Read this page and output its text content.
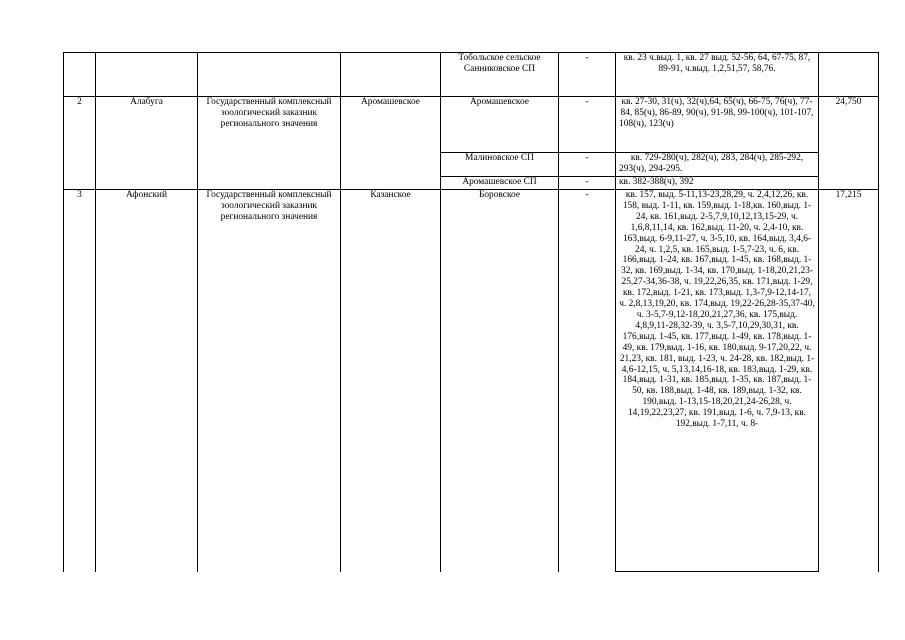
				Тобольское сельское Санниковское СП	-	кв. 23 ч.выд. 1, кв. 27 выд. 52-56, 64, 67-75, 87, 89-91, ч.выд. 1,2,51,57, 58,76.	
2	Алабуга	Государственный комплексный зоологический заказник регионального значения	Аромашевское	Аромашевское	-	кв. 27-30, 31(ч), 32(ч),64, 65(ч), 66-75, 76(ч), 77-84, 85(ч), 86-89, 90(ч), 91-98, 99-100(ч), 101-107, 108(ч), 123(ч)	24,750
				Малиновское СП	-	кв. 729-280(ч), 282(ч), 283, 284(ч), 285-292, 293(ч), 294-295.	
				Аромашевское СП	-	кв. 382-388(ч), 392	
3	Афонский	Государственный комплексный зоологический заказник регионального значения	Казанское	Боровское	-	кв. 157, выд. 5-11,13-23,28,29, ч. 2,4,12,26, кв. 158, выд. 1-11, кв. 159,выд. 1-18,кв. 160,выд. 1-24, кв. 161,выд. 2-5,7,9,10,12,13,15-29, ч. 1,6,8,11,14, кв. 162,выд. 11-20, ч. 2,4-10, кв. 163,выд. 6-9,11-27, ч. 3-5,10, кв. 164,выд. 3,4,6-24, ч. 1,2,5, кв. 165,выд. 1-5,7-23, ч. 6, кв. 166,выд. 1-24, кв. 167,выд. 1-45, кв. 168,выд. 1-32, кв. 169,выд. 1-34, кв. 170,выд. 1-18,20,21,23-25,27-34,36-38, ч. 19,22,26,35, кв. 171,выд. 1-29, кв. 172,выд. 1-21, кв. 173,выд. 1,3-7,9-12,14-17, ч. 2,8,13,19,20, кв. 174,выд. 19,22-26,28-35,37-40, ч. 3-5,7-9,12-18,20,21,27,36, кв. 175,выд. 4,8,9,11-28,32-39, ч. 3,5-7,10,29,30,31, кв. 176,выд. 1-45, кв. 177,выд. 1-49, кв. 178,выд. 1-49, кв. 179,выд. 1-16, кв. 180,выд. 9-17,20,22, ч. 21,23, кв. 181, выд. 1-23, ч. 24-28, кв. 182,выд. 1-4,6-12,15, ч. 5,13,14,16-18, кв. 183,выд. 1-29, кв. 184,выд. 1-31, кв. 185,выд. 1-35, кв. 187,выд. 1-50, кв. 188,выд. 1-48, кв. 189,выд. 1-32, кв. 190,выд. 1-13,15-18,20,21,24-26,28, ч. 14,19,22,23,27, кв. 191,выд. 1-6, ч. 7,9-13, кв. 192,выд. 1-7,11, ч. 8-	17,215
